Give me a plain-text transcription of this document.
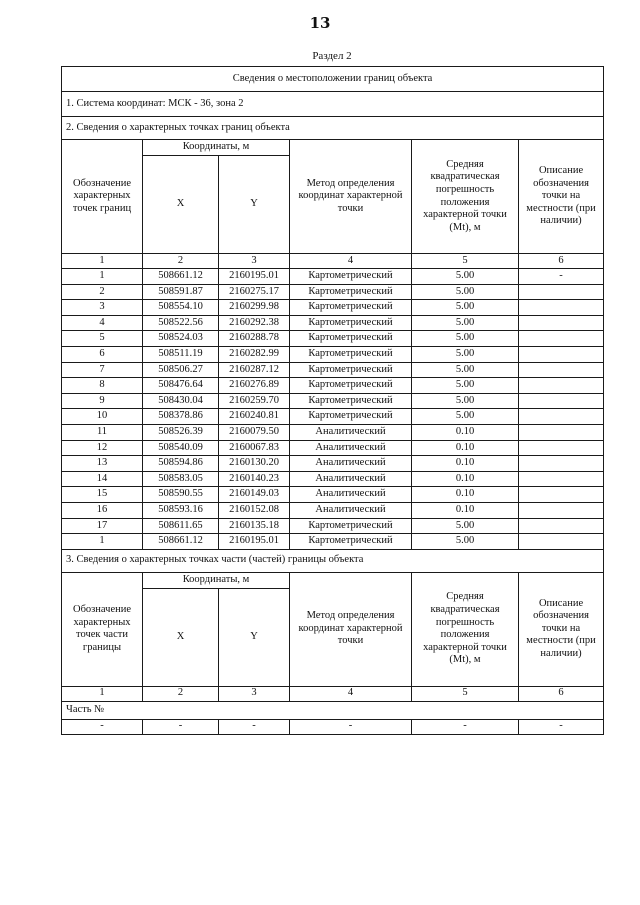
13
Раздел 2
Сведения о местоположении границ объекта					
1. Система координат: МСК - 36, зона 2					
2. Сведения о характерных точках границ объекта					
Обозначение характерных точек границ	Координаты, м		Метод определения координат характерной точки	Средняя квадратическая погрешность положения характерной точки (Mt), м	Описание обозначения точки на местности (при наличии)
	X	Y			
1	2	3	4	5	6
1	508661.12	2160195.01	Картометрический	5.00	-
2	508591.87	2160275.17	Картометрический	5.00	
3	508554.10	2160299.98	Картометрический	5.00	
4	508522.56	2160292.38	Картометрический	5.00	
5	508524.03	2160288.78	Картометрический	5.00	
6	508511.19	2160282.99	Картометрический	5.00	
7	508506.27	2160287.12	Картометрический	5.00	
8	508476.64	2160276.89	Картометрический	5.00	
9	508430.04	2160259.70	Картометрический	5.00	
10	508378.86	2160240.81	Картометрический	5.00	
11	508526.39	2160079.50	Аналитический	0.10	
12	508540.09	2160067.83	Аналитический	0.10	
13	508594.86	2160130.20	Аналитический	0.10	
14	508583.05	2160140.23	Аналитический	0.10	
15	508590.55	2160149.03	Аналитический	0.10	
16	508593.16	2160152.08	Аналитический	0.10	
17	508611.65	2160135.18	Картометрический	5.00	
1	508661.12	2160195.01	Картометрический	5.00	
3. Сведения о характерных точках части (частей) границы объекта					
Обозначение характерных точек части границы	Координаты, м		Метод определения координат характерной точки	Средняя квадратическая погрешность положения характерной точки (Mt), м	Описание обозначения точки на местности (при наличии)
	X	Y			
1	2	3	4	5	6
Часть №					
-	-	-	-	-	-
